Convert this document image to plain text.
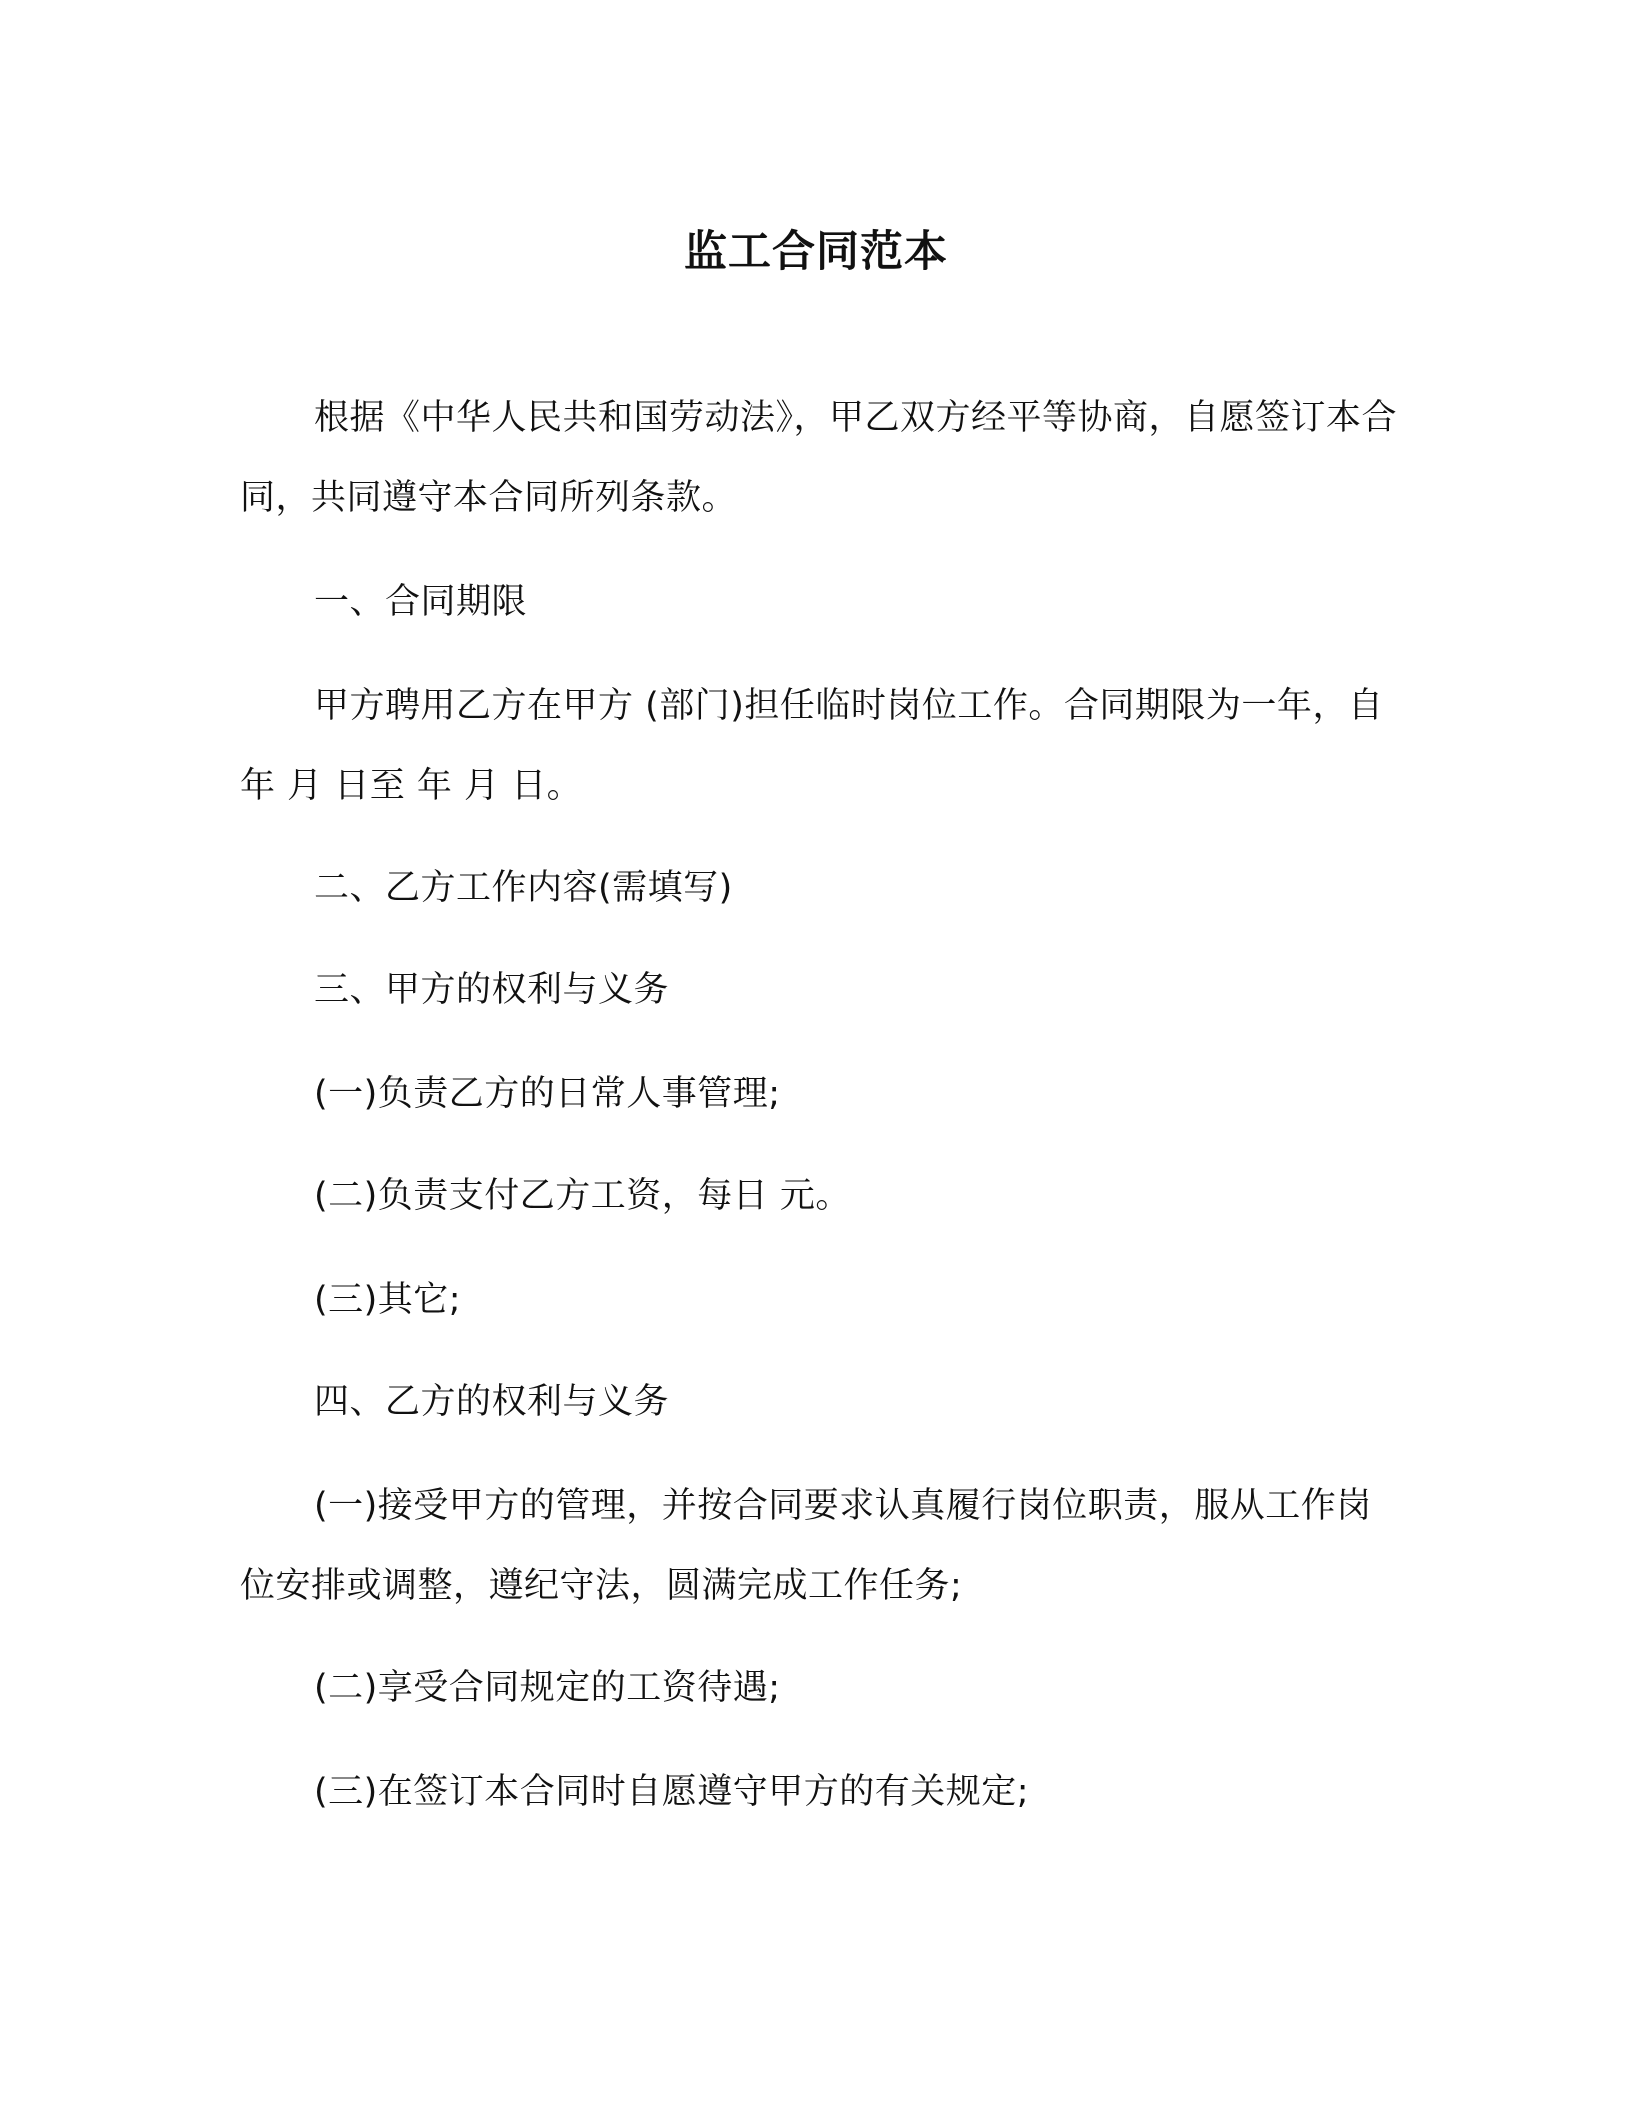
监工合同范本

根据《中华人民共和国劳动法》，甲乙双方经平等协商，自愿签订本合同，共同遵守本合同所列条款。

一、合同期限

甲方聘用乙方在甲方 (部门)担任临时岗位工作。合同期限为一年，自 年 月 日至 年 月 日。

二、乙方工作内容(需填写)

三、甲方的权利与义务

(一)负责乙方的日常人事管理;

(二)负责支付乙方工资，每日 元。

(三)其它;

四、乙方的权利与义务

(一)接受甲方的管理，并按合同要求认真履行岗位职责，服从工作岗位安排或调整，遵纪守法，圆满完成工作任务;

(二)享受合同规定的工资待遇;

(三)在签订本合同时自愿遵守甲方的有关规定;
